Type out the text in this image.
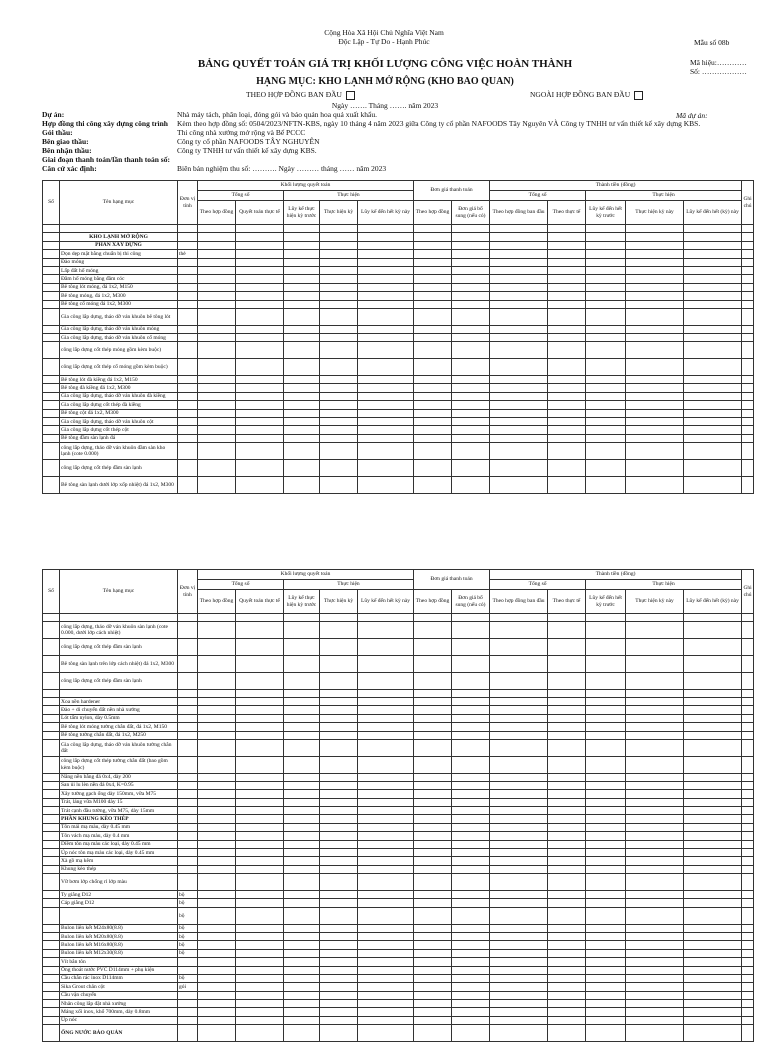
Cộng Hòa Xã Hội Chủ Nghĩa Việt Nam
Độc Lập - Tự Do - Hạnh Phúc	Mẫu số 08b
Mã hiệu:…………
Số: ………………
BẢNG QUYẾT TOÁN GIÁ TRỊ KHỐI LƯỢNG CÔNG VIỆC HOÀN THÀNH
HẠNG MỤC: KHO LẠNH MỞ RỘNG (KHO BAO QUAN)
THEO HỢP ĐỒNG BAN ĐẦU	NGOÀI HỢP ĐỒNG BAN ĐẦU
Ngày ……. Tháng ……. năm 2023
Dự án:	Nhà máy tách, phân loại, đóng gói và bảo quản hoa quả xuất khẩu.
Hợp đồng thi công xây dựng công trình	Kèm theo hợp đồng số: 0504/2023/NFTN-KBS, ngày 10 tháng 4 năm 2023 giữa Công ty cổ phần NAFOODS Tây Nguyên VÀ Công ty TNHH tư vấn thiết kế xây dựng KBS.
Gói thầu:	Thi công nhà xưởng mở rộng và Bể PCCC
Bên giao thầu:	Công ty cổ phần NAFOODS TÂY NGHUYÊN
Bên nhận thầu:	Công ty TNHH tư vấn thiết kế xây dựng KBS.
Giai đoạn thanh toán/lần thanh toán số:
Căn cứ xác định:	Biên bản nghiệm thu số: ………. Ngày ……… tháng …… năm 2023
Mã dự án:
Số	Tên hạng mục	Đơn vị tính	Khối lượng quyết toán					Đơn giá thanh toán		Thành tiền (đồng)					Ghi chú
			Tổng số		Thực hiện					Tổng số		Thực hiện			
			Theo hợp đồng	Quyết toán thực tế	Lũy kế thực hiện kỳ trước	Thực hiện kỳ	Lũy kế đến hết kỳ này	Theo hợp đồng	Đơn giá bổ sung (nếu có)	Theo hợp đồng ban đầu	Theo thực tế	Lũy kế đến hết kỳ trước	Thực hiện kỳ này	Lũy kế đến hết (kỳ) này	

	KHO LẠNH MỞ RỘNG														
	PHẦN XÂY DỰNG														
	Dọn dẹp mặt bằng chuẩn bị thi công	thẻ													
	Đào móng														
	Lấp đất hố móng														
	Đầm hố móng bằng đầm cóc														
	Bê tông lót móng, đá 1x2, M150														
	Bê tông móng, đá 1x2, M300														
	Bê tông cổ móng đá 1x2, M300														
	Gia công lắp dựng, tháo dỡ ván khuôn bê tông lót														
	Gia công lắp dựng, tháo dỡ ván khuôn móng														
	Gia công lắp dựng, tháo dỡ ván khuôn cổ móng														
	công lắp dựng cốt thép móng gồm kèm buộc)														
	công lắp dựng cốt thép cổ móng gồm kèm buộc)														
	Bê tông lót đà kiềng đá 1x2, M150														
	Bê tông đà kiềng đá 1x2, M300														
	Gia công lắp dựng, tháo dỡ ván khuôn đà kiềng														
	Gia công lắp dựng cốt thép đà kiềng														
	Bê tông cột đá 1x2, M300														
	Gia công lắp dựng, tháo dỡ ván khuôn cột														
	Gia công lắp dựng cốt thép cột														
	Bê tông đầm sàn lạnh đá														
	công lắp dựng, tháo dỡ ván khuôn đầm sàn kho lạnh (cote 0.000)														
	công lắp dựng cốt thép đầm sàn lạnh														
	Bê tông sàn lạnh dưới lớp xốp nhiệt) đá 1x2, M300														
Số	Tên hạng mục	Đơn vị tính	Khối lượng quyết toán					Đơn giá thanh toán		Thành tiền (đồng)					Ghi chú
			Tổng số		Thực hiện					Tổng số		Thực hiện			
			Theo hợp đồng	Quyết toán thực tế	Lũy kế thực hiện kỳ trước	Thực hiện kỳ	Lũy kế đến hết kỳ này	Theo hợp đồng	Đơn giá bổ sung (nếu có)	Theo hợp đồng ban đầu	Theo thực tế	Lũy kế đến hết kỳ trước	Thực hiện kỳ này	Lũy kế đến hết (kỳ) này	

	công lắp dựng, tháo dỡ ván khuôn sàn lạnh (cote 0.000, dưới lớp cách nhiệt)														
	công lắp dựng cốt thép đầm sàn lạnh														
	Bê tông sàn lạnh trên lớp cách nhiệt) đá 1x2, M300														
	công lắp dựng cốt thép đầm sàn lạnh														

	Xoa nền hardener														
	Đào + di chuyển đất nền nhà xưởng														
	Lót tấm nylon, dày 0.5mm														
	Bê tông lót móng tường chắn đất, đá 1x2, M150														
	Bê tông tường chắn đất, đá 1x2, M250														
	Gia công lắp dựng, tháo dỡ ván khuôn tường chắn đất														
	công lắp dựng cốt thép tường chắn đất (bao gồm kèm buộc)														
	Nâng nền bằng đá 0x4, dày 200														
	San ủi lu lèn nền đá 0x4, K=0.95														
	Xây tường gạch ống dày 150mm, vữa M75														
	Trát, láng vữa M100 dày 15														
	Trát cạnh đầu tường, vữa M75, dày 15mm														
	PHẦN KHUNG KÈO THÉP														
	Tôn mái mạ màu, dày 0.45 mm														
	Tôn vách mạ màu, dày 0.4 mm														
	Diềm tôn mạ màu các loại, dày 0.45 mm														
	Úp nóc tôn mạ màu các loại, dày 0.45 mm														
	Xà gồ mạ kẽm														
	Khung kèo thép														
	Vữ bơm lớp chống rỉ lớp màu														
	Ty giằng D12	bộ													
	Cáp giằng D12	bộ													
		bộ													
	Bulon liên kết M24x80(8.8)	bộ													
	Bulon liên kết M20x80(8.8)	bộ													
	Bulon liên kết M16x80(8.8)	bộ													
	Bulon liên kết M12x30(8.8)	bộ													
	Vít bắn tôn														
	Ống thoát nước PVC D114mm + phụ kiện														
	Cầu chắn rác inox D114mm	bộ													
	Sika Grout chân cột	gói													
	Cầu vận chuyển														
	Nhân công lắp đặt nhà xưởng														
	Máng xối inox, khổ 700mm, dày 0.8mm														
	Úp nóc														
	ỐNG NƯỚC BẢO QUẢN														
